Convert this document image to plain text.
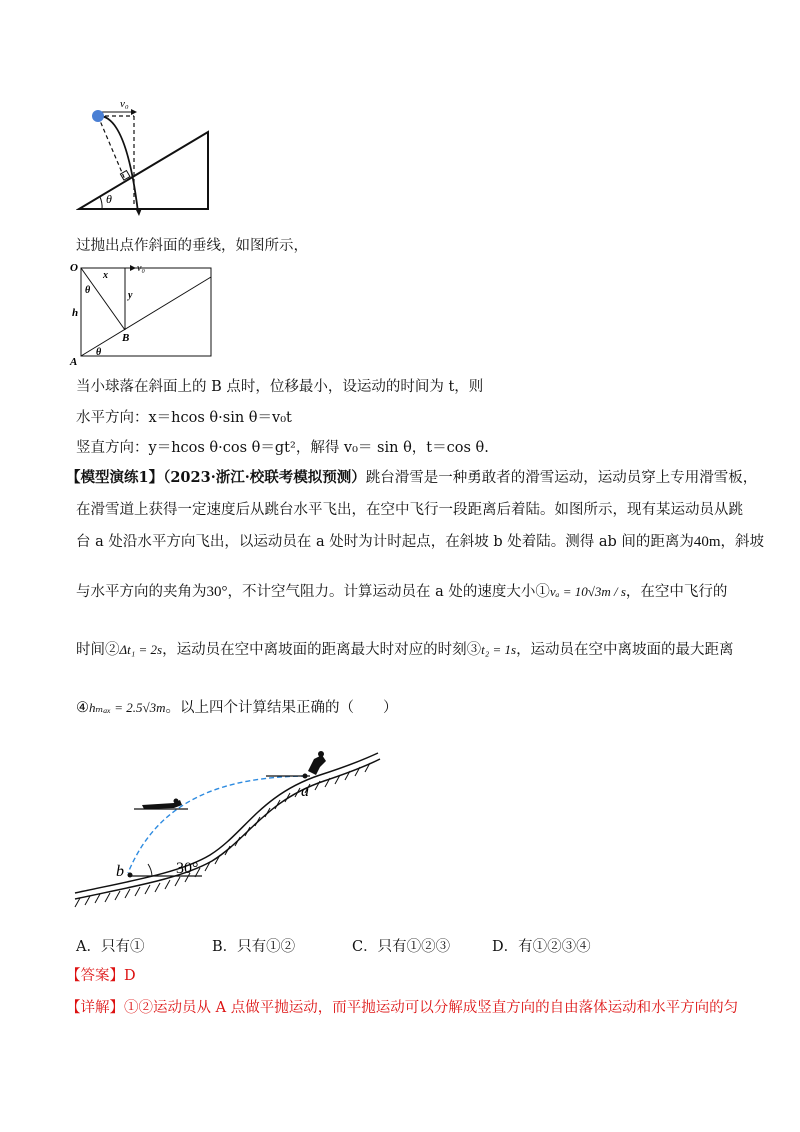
v₀
θ
过抛出点作斜面的垂线，如图所示，
O
x
v₀
θ	y
h
B
A
θ
当小球落在斜面上的 B 点时，位移最小，设运动的时间为 t，则
水平方向：x＝hcos θ·sin θ＝v₀t
竖直方向：y＝hcos θ·cos θ＝gt²，解得 v₀＝ sin θ，t＝cos θ.
【模型演练1】（2023·浙江·校联考模拟预测）跳台滑雪是一种勇敢者的滑雪运动，运动员穿上专用滑雪板，
在滑雪道上获得一定速度后从跳台水平飞出，在空中飞行一段距离后着陆。如图所示，现有某运动员从跳
台 a 处沿水平方向飞出，以运动员在 a 处时为计时起点，在斜坡 b 处着陆。测得 ab 间的距离为40m，斜坡
与水平方向的夹角为30°，不计空气阻力。计算运动员在 a 处的速度大小①vₐ = 10√3m / s，在空中飞行的
时间②Δt₁ = 2s，运动员在空中离坡面的距离最大时对应的时刻③t₂ = 1s，运动员在空中离坡面的最大距离
④hₘₐₓ = 2.5√3m。以上四个计算结果正确的（　　）
a
b	30°
A．只有①	B．只有①②	C．只有①②③	D．有①②③④
【答案】D
【详解】①②运动员从 A 点做平抛运动，而平抛运动可以分解成竖直方向的自由落体运动和水平方向的匀
